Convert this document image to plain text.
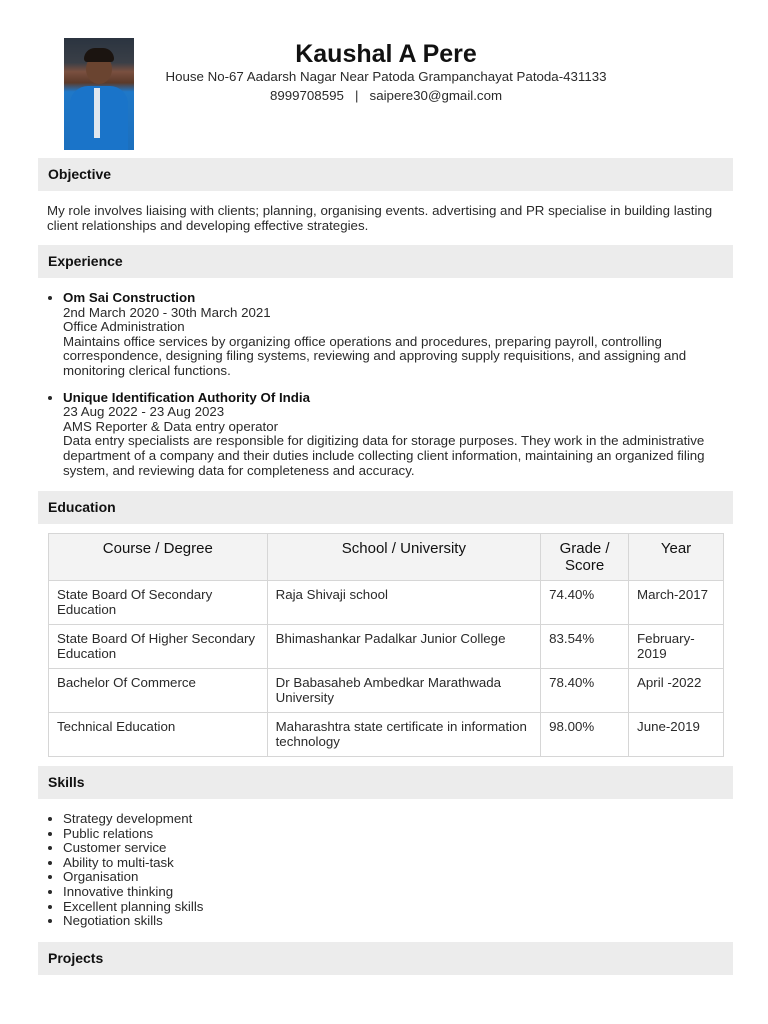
Kaushal A Pere
House No-67 Aadarsh Nagar Near Patoda Grampanchayat Patoda-431133
8999708595 | saipere30@gmail.com
Objective
My role involves liaising with clients; planning, organising events. advertising and PR specialise in building lasting client relationships and developing effective strategies.
Experience
• Om Sai Construction
2nd March 2020 - 30th March 2021
Office Administration
Maintains office services by organizing office operations and procedures, preparing payroll, controlling correspondence, designing filing systems, reviewing and approving supply requisitions, and assigning and monitoring clerical functions.
• Unique Identification Authority Of India
23 Aug 2022 - 23 Aug 2023
AMS Reporter & Data entry operator
Data entry specialists are responsible for digitizing data for storage purposes. They work in the administrative department of a company and their duties include collecting client information, maintaining an organized filing system, and reviewing data for completeness and accuracy.
Education
Course / Degree	School / University	Grade / Score	Year
State Board Of Secondary Education	Raja Shivaji school	74.40%	March-2017
State Board Of Higher Secondary Education	Bhimashankar Padalkar Junior College	83.54%	February-2019
Bachelor Of Commerce	Dr Babasaheb Ambedkar Marathwada University	78.40%	April -2022
Technical Education	Maharashtra state certificate in information technology	98.00%	June-2019
Skills
• Strategy development
• Public relations
• Customer service
• Ability to multi-task
• Organisation
• Innovative thinking
• Excellent planning skills
• Negotiation skills
Projects
